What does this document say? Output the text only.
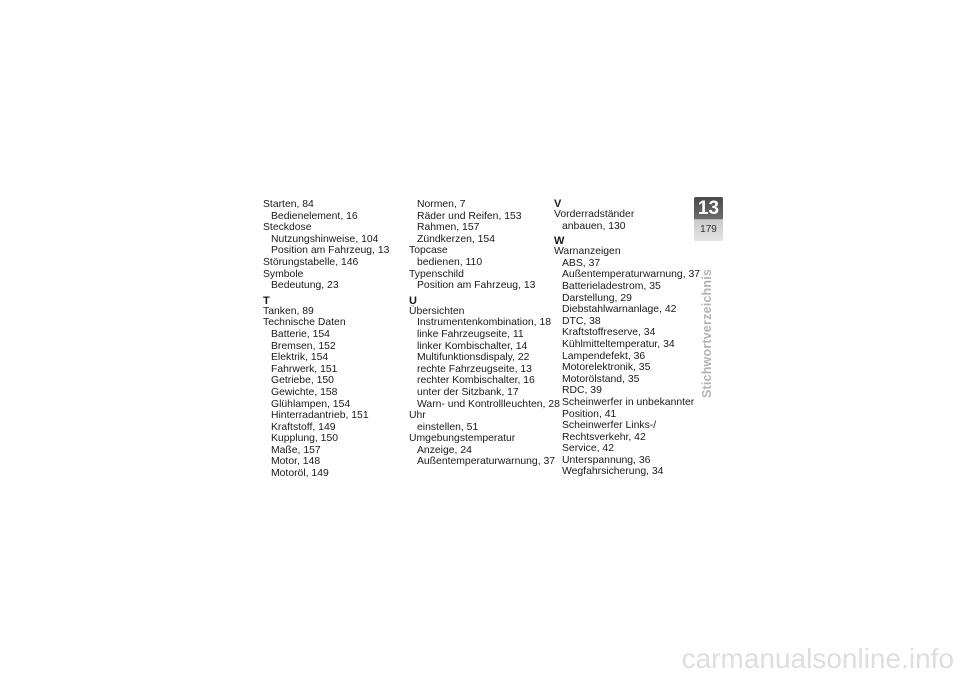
Starten, 84
Bedienelement, 16
Steckdose
Nutzungshinweise, 104
Position am Fahrzeug, 13
Störungstabelle, 146
Symbole
Bedeutung, 23
T
Tanken, 89
Technische Daten
Batterie, 154
Bremsen, 152
Elektrik, 154
Fahrwerk, 151
Getriebe, 150
Gewichte, 158
Glühlampen, 154
Hinterradantrieb, 151
Kraftstoff, 149
Kupplung, 150
Maße, 157
Motor, 148
Motoröl, 149
Normen, 7
Räder und Reifen, 153
Rahmen, 157
Zündkerzen, 154
Topcase
bedienen, 110
Typenschild
Position am Fahrzeug, 13
U
Übersichten
Instrumentenkombination, 18
linke Fahrzeugseite, 11
linker Kombischalter, 14
Multifunktionsdispaly, 22
rechte Fahrzeugseite, 13
rechter Kombischalter, 16
unter der Sitzbank, 17
Warn- und Kontrollleuchten, 28
Uhr
einstellen, 51
Umgebungstemperatur
Anzeige, 24
Außentemperaturwarnung, 37
V
Vorderradständer
anbauen, 130
W
Warnanzeigen
ABS, 37
Außentemperaturwarnung, 37
Batterieladestrom, 35
Darstellung, 29
Diebstahlwarnanlage, 42
DTC, 38
Kraftstoffreserve, 34
Kühlmitteltemperatur, 34
Lampendefekt, 36
Motorelektronik, 35
Motorölstand, 35
RDC, 39
Scheinwerfer in unbekannter
Position, 41
Scheinwerfer Links-/
Rechtsverkehr, 42
Service, 42
Unterspannung, 36
Wegfahrsicherung, 34
13
179
Stichwortverzeichnis
carmanualsonline.info
